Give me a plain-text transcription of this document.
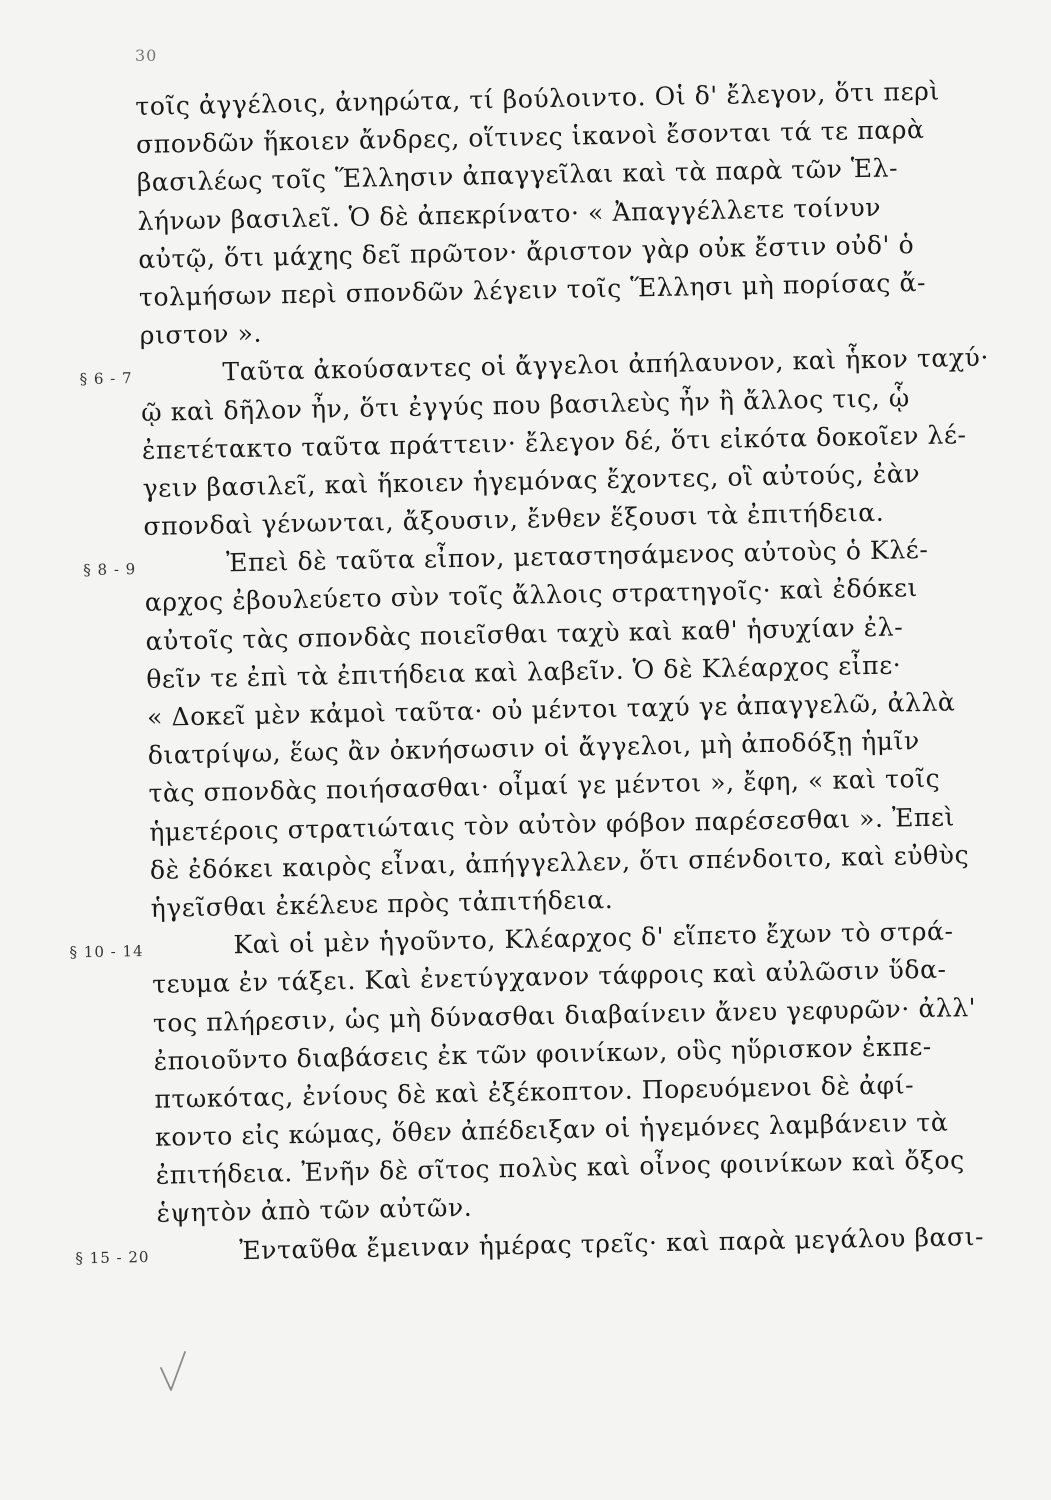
30
τοῖς ἀγγέλοις, ἀνηρώτα, τί βούλοιντο. Οἱ δ' ἔλεγον, ὅτι περὶ
σπονδῶν ἥκοιεν ἄνδρες, οἵτινες ἱκανοὶ ἔσονται τά τε παρὰ
βασιλέως τοῖς Ἕλλησιν ἀπαγγεῖλαι καὶ τὰ παρὰ τῶν Ἑλ-
λήνων βασιλεῖ. Ὁ δὲ ἀπεκρίνατο· « Ἀπαγγέλλετε τοίνυν
αὐτῷ, ὅτι μάχης δεῖ πρῶτον· ἄριστον γὰρ οὐκ ἔστιν οὐδ' ὁ
τολμήσων περὶ σπονδῶν λέγειν τοῖς Ἕλλησι μὴ πορίσας ἄ-
ριστον ».
§ 6 - 7	Ταῦτα ἀκούσαντες οἱ ἄγγελοι ἀπήλαυνον, καὶ ἧκον ταχύ·
ῷ καὶ δῆλον ἦν, ὅτι ἐγγύς που βασιλεὺς ἦν ἢ ἄλλος τις, ᾧ
ἐπετέτακτο ταῦτα πράττειν· ἔλεγον δέ, ὅτι εἰκότα δοκοῖεν λέ-
γειν βασιλεῖ, καὶ ἥκοιεν ἡγεμόνας ἔχοντες, οἳ αὐτούς, ἐὰν
σπονδαὶ γένωνται, ἄξουσιν, ἔνθεν ἕξουσι τὰ ἐπιτήδεια.
§ 8 - 9	Ἐπεὶ δὲ ταῦτα εἶπον, μεταστησάμενος αὐτοὺς ὁ Κλέ-
αρχος ἐβουλεύετο σὺν τοῖς ἄλλοις στρατηγοῖς· καὶ ἐδόκει
αὐτοῖς τὰς σπονδὰς ποιεῖσθαι ταχὺ καὶ καθ' ἡσυχίαν ἐλ-
θεῖν τε ἐπὶ τὰ ἐπιτήδεια καὶ λαβεῖν. Ὁ δὲ Κλέαρχος εἶπε·
« Δοκεῖ μὲν κἀμοὶ ταῦτα· οὐ μέντοι ταχύ γε ἀπαγγελῶ, ἀλλὰ
διατρίψω, ἕως ἂν ὀκνήσωσιν οἱ ἄγγελοι, μὴ ἀποδόξῃ ἡμῖν
τὰς σπονδὰς ποιήσασθαι· οἶμαί γε μέντοι », ἔφη, « καὶ τοῖς
ἡμετέροις στρατιώταις τὸν αὐτὸν φόβον παρέσεσθαι ». Ἐπεὶ
δὲ ἐδόκει καιρὸς εἶναι, ἀπήγγελλεν, ὅτι σπένδοιτο, καὶ εὐθὺς
ἡγεῖσθαι ἐκέλευε πρὸς τἀπιτήδεια.
§ 10 - 14	Καὶ οἱ μὲν ἡγοῦντο, Κλέαρχος δ' εἵπετο ἔχων τὸ στρά-
τευμα ἐν τάξει. Καὶ ἐνετύγχανον τάφροις καὶ αὐλῶσιν ὕδα-
τος πλήρεσιν, ὡς μὴ δύνασθαι διαβαίνειν ἄνευ γεφυρῶν· ἀλλ'
ἐποιοῦντο διαβάσεις ἐκ τῶν φοινίκων, οὓς ηὕρισκον ἐκπε-
πτωκότας, ἐνίους δὲ καὶ ἐξέκοπτον. Πορευόμενοι δὲ ἀφί-
κοντο εἰς κώμας, ὅθεν ἀπέδειξαν οἱ ἡγεμόνες λαμβάνειν τὰ
ἐπιτήδεια. Ἐνῆν δὲ σῖτος πολὺς καὶ οἶνος φοινίκων καὶ ὄξος
ἑψητὸν ἀπὸ τῶν αὐτῶν.
§ 15 - 20	Ἐνταῦθα ἔμειναν ἡμέρας τρεῖς· καὶ παρὰ μεγάλου βασι-
